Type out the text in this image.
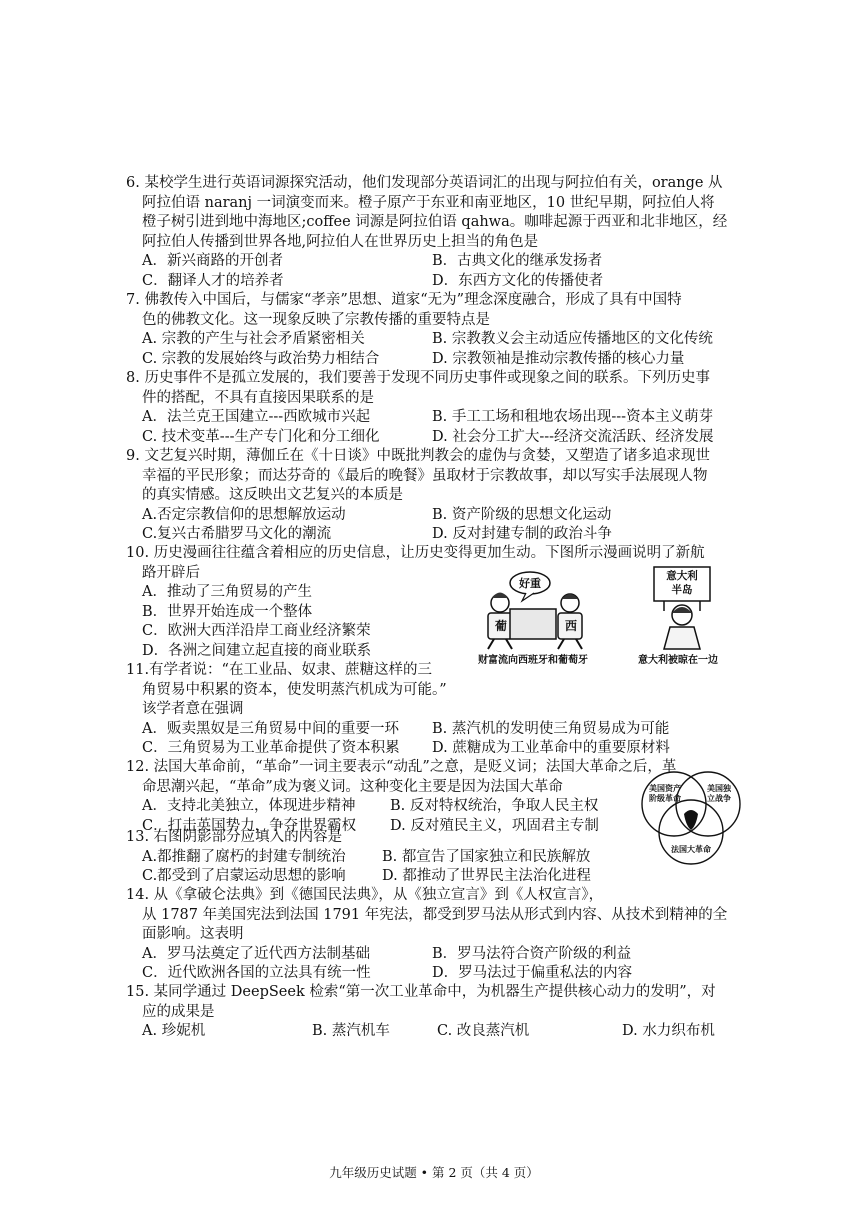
6. 某校学生进行英语词源探究活动，他们发现部分英语词汇的出现与阿拉伯有关，orange 从

阿拉伯语 naranj 一词演变而来。橙子原产于东亚和南亚地区，10 世纪早期，阿拉伯人将

橙子树引进到地中海地区;coffee 词源是阿拉伯语 qahwa。咖啡起源于西亚和北非地区，经

阿拉伯人传播到世界各地,阿拉伯人在世界历史上担当的角色是

A．新兴商路的开创者	B．古典文化的继承发扬者
C．翻译人才的培养者	D．东西方文化的传播使者

7. 佛教传入中国后，与儒家“孝亲”思想、道家“无为”理念深度融合，形成了具有中国特

色的佛教文化。这一现象反映了宗教传播的重要特点是

A. 宗教的产生与社会矛盾紧密相关	B. 宗教教义会主动适应传播地区的文化传统
C. 宗教的发展始终与政治势力相结合	D. 宗教领袖是推动宗教传播的核心力量

8. 历史事件不是孤立发展的，我们要善于发现不同历史事件或现象之间的联系。下列历史事

件的搭配，不具有直接因果联系的是

A．法兰克王国建立---西欧城市兴起	B. 手工工场和租地农场出现---资本主义萌芽
C. 技术变革---生产专门化和分工细化	D. 社会分工扩大---经济交流活跃、经济发展

9. 文艺复兴时期，薄伽丘在《十日谈》中既批判教会的虚伪与贪婪，又塑造了诸多追求现世

幸福的平民形象；而达芬奇的《最后的晚餐》虽取材于宗教故事，却以写实手法展现人物

的真实情感。这反映出文艺复兴的本质是

A.否定宗教信仰的思想解放运动	B. 资产阶级的思想文化运动
C.复兴古希腊罗马文化的潮流	D. 反对封建专制的政治斗争

10. 历史漫画往往蕴含着相应的历史信息，让历史变得更加生动。下图所示漫画说明了新航

路开辟后

A．推动了三角贸易的产生

B．世界开始连成一个整体

C．欧洲大西洋沿岸工商业经济繁荣

D．各洲之间建立起直接的商业联系

好重
葡	西
意大利
半岛
财富流向西班牙和葡萄牙	意大利被晾在一边

11.有学者说：“在工业品、奴隶、蔗糖这样的三

角贸易中积累的资本，使发明蒸汽机成为可能。”

该学者意在强调

A．贩卖黑奴是三角贸易中间的重要一环	B. 蒸汽机的发明使三角贸易成为可能
C．三角贸易为工业革命提供了资本积累	D. 蔗糖成为工业革命中的重要原材料

12. 法国大革命前，“革命”一词主要表示“动乱”之意，是贬义词；法国大革命之后，革

命思潮兴起，“革命”成为褒义词。这种变化主要是因为法国大革命

A．支持北美独立，体现进步精神	B. 反对特权统治，争取人民主权
C．打击英国势力，争夺世界霸权	D. 反对殖民主义，巩固君主专制
美国资产阶级革命
美国独立战争
法国大革命

13. 右图阴影部分应填入的内容是

A.都推翻了腐朽的封建专制统治	B. 都宣告了国家独立和民族解放
C.都受到了启蒙运动思想的影响	D. 都推动了世界民主法治化进程

14. 从《拿破仑法典》到《德国民法典》，从《独立宣言》到《人权宣言》，

从 1787 年美国宪法到法国 1791 年宪法，都受到罗马法从形式到内容、从技术到精神的全

面影响。这表明

A．罗马法奠定了近代西方法制基础	B．罗马法符合资产阶级的利益
C．近代欧洲各国的立法具有统一性	D．罗马法过于偏重私法的内容

15. 某同学通过 DeepSeek 检索“第一次工业革命中，为机器生产提供核心动力的发明”，对

应的成果是

A. 珍妮机	B. 蒸汽机车	C. 改良蒸汽机	D. 水力织布机
九年级历史试题 • 第 2 页（共 4 页）
